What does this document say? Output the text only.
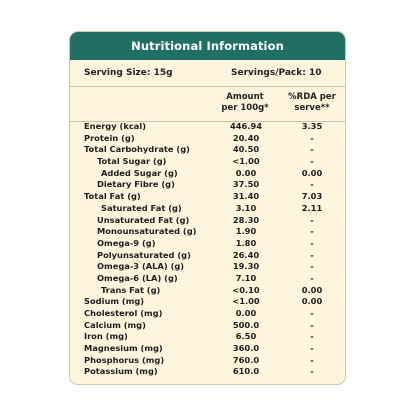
Nutritional Information
Serving Size: 15g	Servings/Pack: 10
Amount
per 100g*
%RDA per
serve**
Energy (kcal)	446.94	3.35
Protein (g)	20.40	-
Total Carbohydrate (g)	40.50	-
Total Sugar (g)	<1.00	-
Added Sugar (g)	0.00	0.00
Dietary Fibre (g)	37.50	-
Total Fat (g)	31.40	7.03
Saturated Fat (g)	3.10	2.11
Unsaturated Fat (g)	28.30	-
Monounsaturated (g)	1.90	-
Omega-9 (g)	1.80	-
Polyunsaturated (g)	26.40	-
Omega-3 (ALA) (g)	19.30	-
Omega-6 (LA) (g)	7.10	-
Trans Fat (g)	<0.10	0.00
Sodium (mg)	<1.00	0.00
Cholesterol (mg)	0.00	-
Calcium (mg)	500.0	-
Iron (mg)	6.50	-
Magnesium (mg)	360.0	-
Phosphorus (mg)	760.0	-
Potassium (mg)	610.0	-
